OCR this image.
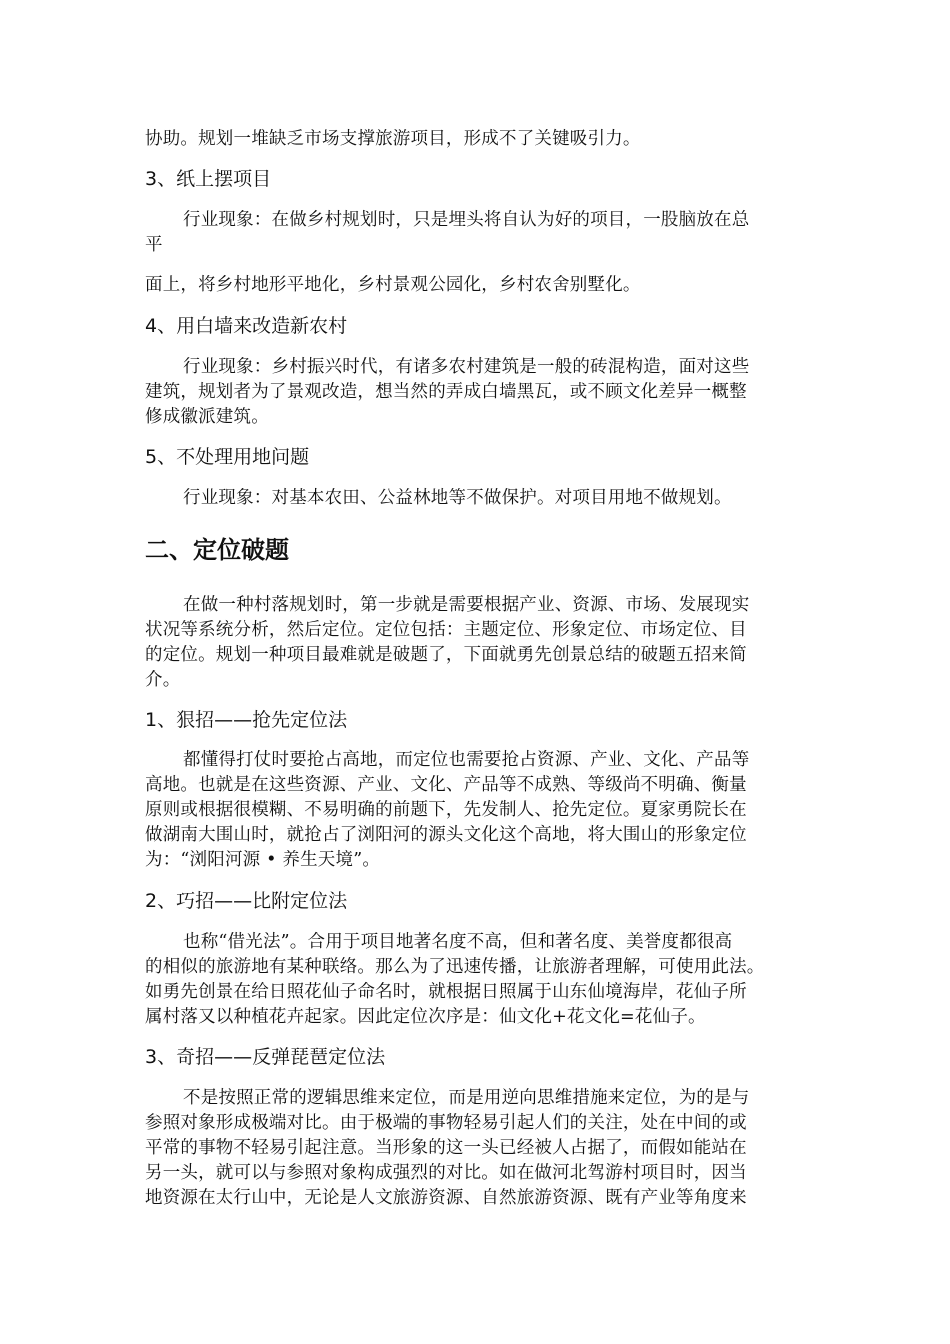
协助。规划一堆缺乏市场支撑旅游项目，形成不了关键吸引力。
3、纸上摆项目
行业现象：在做乡村规划时，只是埋头将自认为好的项目，一股脑放在总
平
面上，将乡村地形平地化，乡村景观公园化，乡村农舍别墅化。
4、用白墙来改造新农村
行业现象：乡村振兴时代，有诸多农村建筑是一般的砖混构造，面对这些
建筑，规划者为了景观改造，想当然的弄成白墙黑瓦，或不顾文化差异一概整
修成徽派建筑。
5、不处理用地问题
行业现象：对基本农田、公益林地等不做保护。对项目用地不做规划。
二、定位破题
在做一种村落规划时，第一步就是需要根据产业、资源、市场、发展现实
状况等系统分析，然后定位。定位包括：主题定位、形象定位、市场定位、目
的定位。规划一种项目最难就是破题了，下面就勇先创景总结的破题五招来简
介。
1、狠招——抢先定位法
都懂得打仗时要抢占高地，而定位也需要抢占资源、产业、文化、产品等
高地。也就是在这些资源、产业、文化、产品等不成熟、等级尚不明确、衡量
原则或根据很模糊、不易明确的前题下，先发制人、抢先定位。夏家勇院长在
做湖南大围山时，就抢占了浏阳河的源头文化这个高地，将大围山的形象定位
为：“浏阳河源 • 养生天境”。
2、巧招——比附定位法
也称“借光法”。合用于项目地著名度不高，但和著名度、美誉度都很高
的相似的旅游地有某种联络。那么为了迅速传播，让旅游者理解，可使用此法。
如勇先创景在给日照花仙子命名时，就根据日照属于山东仙境海岸，花仙子所
属村落又以种植花卉起家。因此定位次序是：仙文化+花文化=花仙子。
3、奇招——反弹琵琶定位法
不是按照正常的逻辑思维来定位，而是用逆向思维措施来定位，为的是与
参照对象形成极端对比。由于极端的事物轻易引起人们的关注，处在中间的或
平常的事物不轻易引起注意。当形象的这一头已经被人占据了，而假如能站在
另一头，就可以与参照对象构成强烈的对比。如在做河北驾游村项目时，因当
地资源在太行山中，无论是人文旅游资源、自然旅游资源、既有产业等角度来
